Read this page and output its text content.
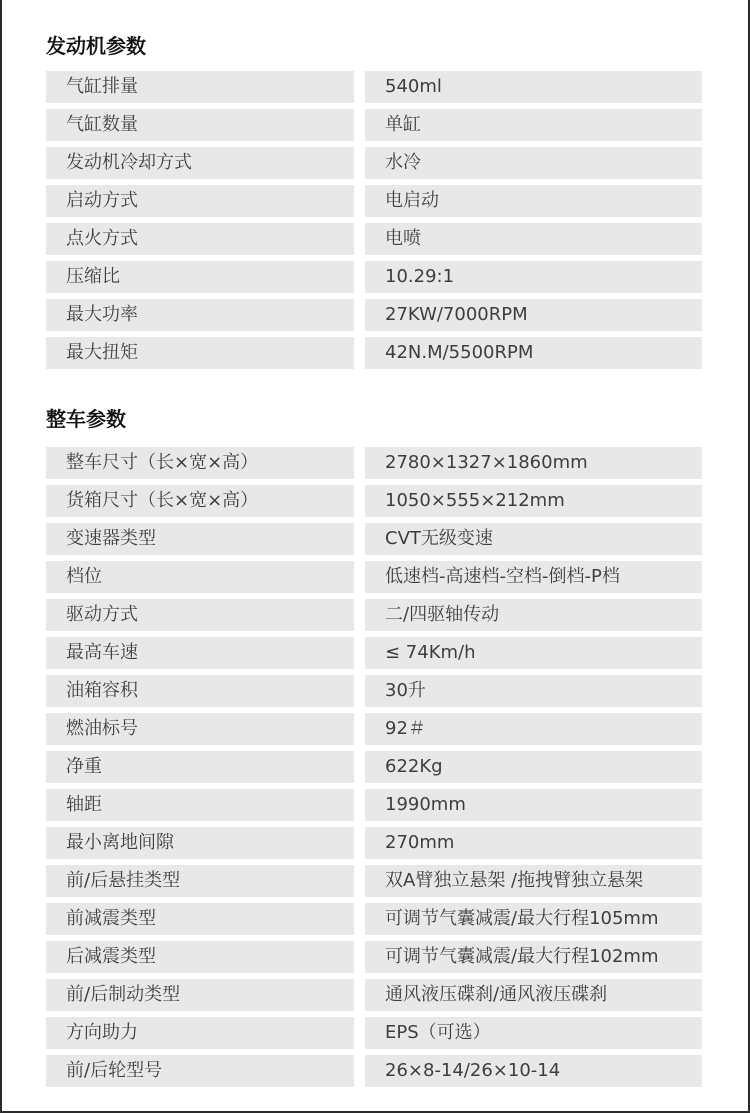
发动机参数
气缸排量	540ml
气缸数量	单缸
发动机冷却方式	水冷
启动方式	电启动
点火方式	电喷
压缩比	10.29:1
最大功率	27KW/7000RPM
最大扭矩	42N.M/5500RPM
整车参数
整车尺寸（长×宽×高）	2780×1327×1860mm
货箱尺寸（长×宽×高）	1050×555×212mm
变速器类型	CVT无级变速
档位	低速档-高速档-空档-倒档-P档
驱动方式	二/四驱轴传动
最高车速	≤ 74Km/h
油箱容积	30升
燃油标号	92＃
净重	622Kg
轴距	1990mm
最小离地间隙	270mm
前/后悬挂类型	双A臂独立悬架 /拖拽臂独立悬架
前减震类型	可调节气囊减震/最大行程105mm
后减震类型	可调节气囊减震/最大行程102mm
前/后制动类型	通风液压碟刹/通风液压碟刹
方向助力	EPS（可选）
前/后轮型号	26×8-14/26×10-14
